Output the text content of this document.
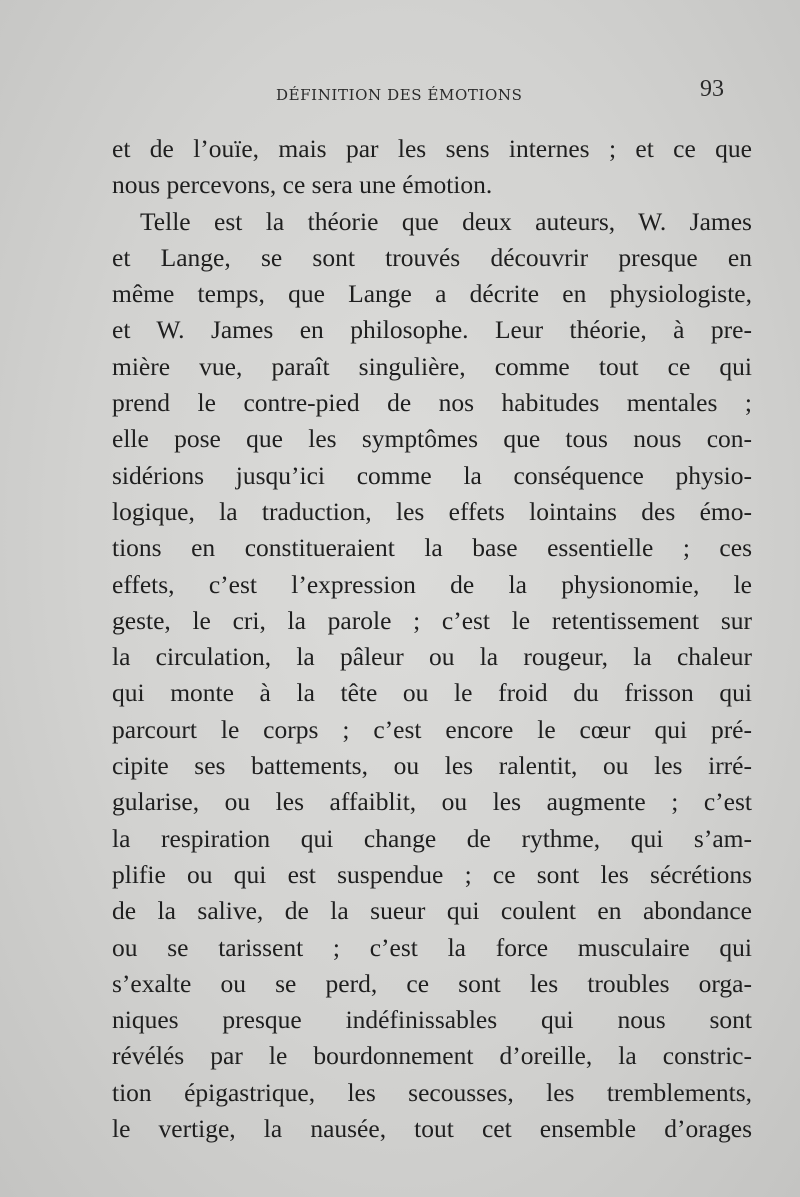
DÉFINITION DES ÉMOTIONS	93
et de l’ouïe, mais par les sens internes ; et ce que
nous percevons, ce sera une émotion.
Telle est la théorie que deux auteurs, W. James
et Lange, se sont trouvés découvrir presque en
même temps, que Lange a décrite en physiologiste,
et W. James en philosophe. Leur théorie, à pre-
mière vue, paraît singulière, comme tout ce qui
prend le contre-pied de nos habitudes mentales ;
elle pose que les symptômes que tous nous con-
sidérions jusqu’ici comme la conséquence physio-
logique, la traduction, les effets lointains des émo-
tions en constitueraient la base essentielle ; ces
effets, c’est l’expression de la physionomie, le
geste, le cri, la parole ; c’est le retentissement sur
la circulation, la pâleur ou la rougeur, la chaleur
qui monte à la tête ou le froid du frisson qui
parcourt le corps ; c’est encore le cœur qui pré-
cipite ses battements, ou les ralentit, ou les irré-
gularise, ou les affaiblit, ou les augmente ; c’est
la respiration qui change de rythme, qui s’am-
plifie ou qui est suspendue ; ce sont les sécrétions
de la salive, de la sueur qui coulent en abondance
ou se tarissent ; c’est la force musculaire qui
s’exalte ou se perd, ce sont les troubles orga-
niques presque indéfinissables qui nous sont
révélés par le bourdonnement d’oreille, la constric-
tion épigastrique, les secousses, les tremblements,
le vertige, la nausée, tout cet ensemble d’orages
